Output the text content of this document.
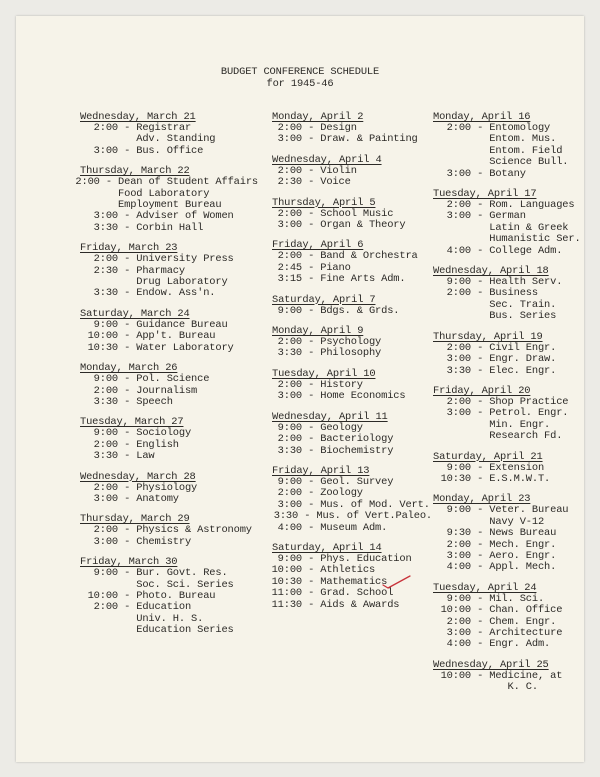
BUDGET CONFERENCE SCHEDULE
for 1945-46
Wednesday, March 21
2:00 - Registrar
Adv. Standing
3:00 - Bus. Office
Thursday, March 22
2:00 - Dean of Student Affairs
Food Laboratory
Employment Bureau
3:00 - Adviser of Women
3:30 - Corbin Hall
Friday, March 23
2:00 - University Press
2:30 - Pharmacy
Drug Laboratory
3:30 - Endow. Ass'n.
Saturday, March 24
9:00 - Guidance Bureau
10:00 - App't. Bureau
10:30 - Water Laboratory
Monday, March 26
9:00 - Pol. Science
2:00 - Journalism
3:30 - Speech
Tuesday, March 27
9:00 - Sociology
2:00 - English
3:30 - Law
Wednesday, March 28
2:00 - Physiology
3:00 - Anatomy
Thursday, March 29
2:00 - Physics & Astronomy
3:00 - Chemistry
Friday, March 30
9:00 - Bur. Govt. Res.
Soc. Sci. Series
10:00 - Photo. Bureau
2:00 - Education
Univ. H. S.
Education Series
Monday, April 2
2:00 - Design
3:00 - Draw. & Painting
Wednesday, April 4
2:00 - Violin
2:30 - Voice
Thursday, April 5
2:00 - School Music
3:00 - Organ & Theory
Friday, April 6
2:00 - Band & Orchestra
2:45 - Piano
3:15 - Fine Arts Adm.
Saturday, April 7
9:00 - Bdgs. & Grds.
Monday, April 9
2:00 - Psychology
3:30 - Philosophy
Tuesday, April 10
2:00 - History
3:00 - Home Economics
Wednesday, April 11
9:00 - Geology
2:00 - Bacteriology
3:30 - Biochemistry
Friday, April 13
9:00 - Geol. Survey
2:00 - Zoology
3:00 - Mus. of Mod. Vert.
3:30 - Mus. of Vert.Paleo.
4:00 - Museum Adm.
Saturday, April 14
9:00 - Phys. Education
10:00 - Athletics
10:30 - Mathematics
11:00 - Grad. School
11:30 - Aids & Awards
Monday, April 16
2:00 - Entomology
Entom. Mus.
Entom. Field
Science Bull.
3:00 - Botany
Tuesday, April 17
2:00 - Rom. Languages
3:00 - German
Latin & Greek
Humanistic Ser.
4:00 - College Adm.
Wednesday, April 18
9:00 - Health Serv.
2:00 - Business
Sec. Train.
Bus. Series
Thursday, April 19
2:00 - Civil Engr.
3:00 - Engr. Draw.
3:30 - Elec. Engr.
Friday, April 20
2:00 - Shop Practice
3:00 - Petrol. Engr.
Min. Engr.
Research Fd.
Saturday, April 21
9:00 - Extension
10:30 - E.S.M.W.T.
Monday, April 23
9:00 - Veter. Bureau
Navy V-12
9:30 - News Bureau
2:00 - Mech. Engr.
3:00 - Aero. Engr.
4:00 - Appl. Mech.
Tuesday, April 24
9:00 - Mil. Sci.
10:00 - Chan. Office
2:00 - Chem. Engr.
3:00 - Architecture
4:00 - Engr. Adm.
Wednesday, April 25
10:00 - Medicine, at
K. C.
